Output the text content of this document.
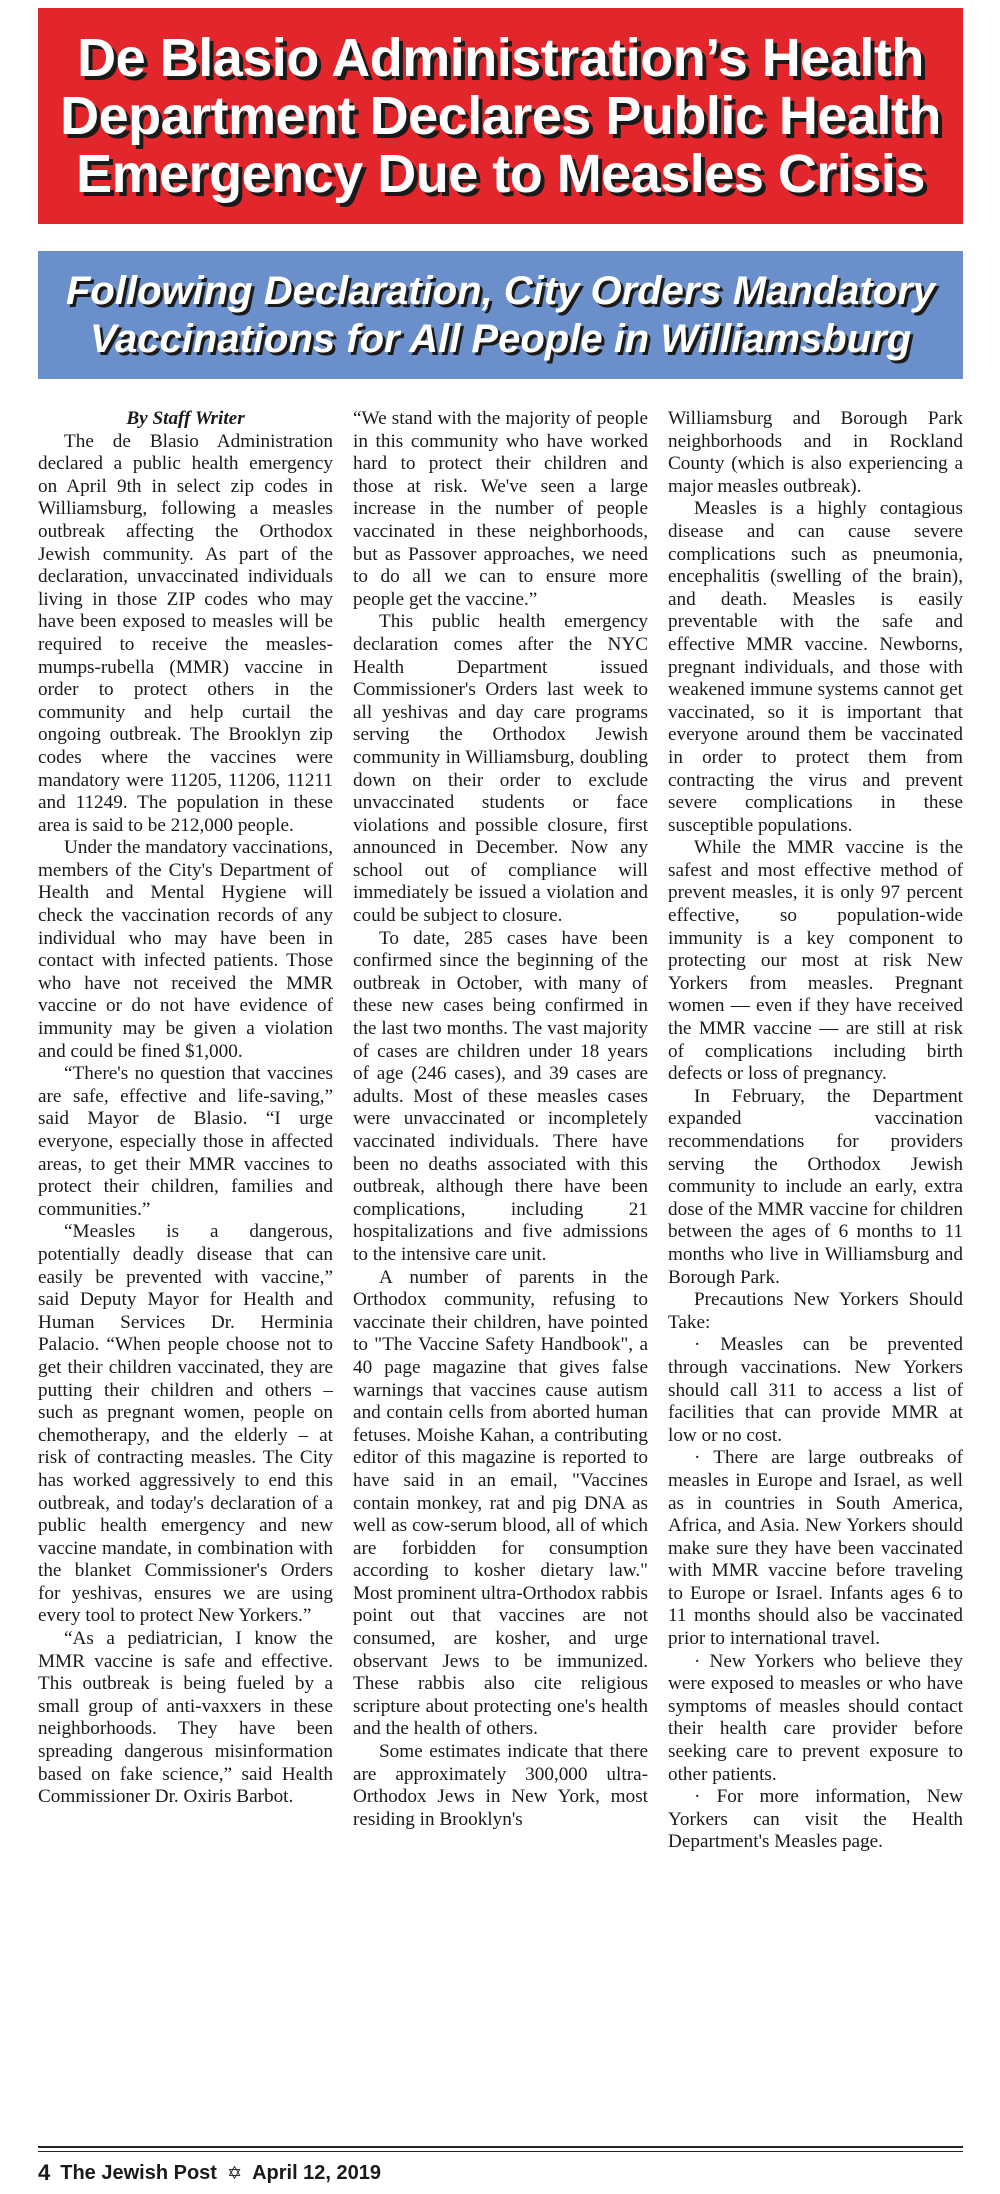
De Blasio Administration’s Health Department Declares Public Health Emergency Due to Measles Crisis
Following Declaration, City Orders Mandatory Vaccinations for All People in Williamsburg

By Staff Writer

The de Blasio Administration declared a public health emergency on April 9th in select zip codes in Williamsburg, following a measles outbreak affecting the Orthodox Jewish community. As part of the declaration, unvaccinated individuals living in those ZIP codes who may have been exposed to measles will be required to receive the measles-mumps-rubella (MMR) vaccine in order to protect others in the community and help curtail the ongoing outbreak. The Brooklyn zip codes where the vaccines were mandatory were 11205, 11206, 11211 and 11249. The population in these area is said to be 212,000 people.

Under the mandatory vaccinations, members of the City's Department of Health and Mental Hygiene will check the vaccination records of any individual who may have been in contact with infected patients. Those who have not received the MMR vaccine or do not have evidence of immunity may be given a violation and could be fined $1,000.

“There's no question that vaccines are safe, effective and life-saving,” said Mayor de Blasio. “I urge everyone, especially those in affected areas, to get their MMR vaccines to protect their children, families and communities.”

“Measles is a dangerous, potentially deadly disease that can easily be prevented with vaccine,” said Deputy Mayor for Health and Human Services Dr. Herminia Palacio. “When people choose not to get their children vaccinated, they are putting their children and others – such as pregnant women, people on chemotherapy, and the elderly – at risk of contracting measles. The City has worked aggressively to end this outbreak, and today's declaration of a public health emergency and new vaccine mandate, in combination with the blanket Commissioner's Orders for yeshivas, ensures we are using every tool to protect New Yorkers.”

“As a pediatrician, I know the MMR vaccine is safe and effective. This outbreak is being fueled by a small group of anti-vaxxers in these neighborhoods. They have been spreading dangerous misinformation based on fake science,” said Health Commissioner Dr. Oxiris Barbot.

“We stand with the majority of people in this community who have worked hard to protect their children and those at risk. We've seen a large increase in the number of people vaccinated in these neighborhoods, but as Passover approaches, we need to do all we can to ensure more people get the vaccine.”

This public health emergency declaration comes after the NYC Health Department issued Commissioner's Orders last week to all yeshivas and day care programs serving the Orthodox Jewish community in Williamsburg, doubling down on their order to exclude unvaccinated students or face violations and possible closure, first announced in December. Now any school out of compliance will immediately be issued a violation and could be subject to closure.

To date, 285 cases have been confirmed since the beginning of the outbreak in October, with many of these new cases being confirmed in the last two months. The vast majority of cases are children under 18 years of age (246 cases), and 39 cases are adults. Most of these measles cases were unvaccinated or incompletely vaccinated individuals. There have been no deaths associated with this outbreak, although there have been complications, including 21 hospitalizations and five admissions to the intensive care unit.

A number of parents in the Orthodox community, refusing to vaccinate their children, have pointed to "The Vaccine Safety Handbook", a 40 page magazine that gives false warnings that vaccines cause autism and contain cells from aborted human fetuses. Moishe Kahan, a contributing editor of this magazine is reported to have said in an email, "Vaccines contain monkey, rat and pig DNA as well as cow-serum blood, all of which are forbidden for consumption according to kosher dietary law." Most prominent ultra-Orthodox rabbis point out that vaccines are not consumed, are kosher, and urge observant Jews to be immunized. These rabbis also cite religious scripture about protecting one's health and the health of others.

Some estimates indicate that there are approximately 300,000 ultra-Orthodox Jews in New York, most residing in Brooklyn's

Williamsburg and Borough Park neighborhoods and in Rockland County (which is also experiencing a major measles outbreak).

Measles is a highly contagious disease and can cause severe complications such as pneumonia, encephalitis (swelling of the brain), and death. Measles is easily preventable with the safe and effective MMR vaccine. Newborns, pregnant individuals, and those with weakened immune systems cannot get vaccinated, so it is important that everyone around them be vaccinated in order to protect them from contracting the virus and prevent severe complications in these susceptible populations.

While the MMR vaccine is the safest and most effective method of prevent measles, it is only 97 percent effective, so population-wide immunity is a key component to protecting our most at risk New Yorkers from measles. Pregnant women — even if they have received the MMR vaccine — are still at risk of complications including birth defects or loss of pregnancy.

In February, the Department expanded vaccination recommendations for providers serving the Orthodox Jewish community to include an early, extra dose of the MMR vaccine for children between the ages of 6 months to 11 months who live in Williamsburg and Borough Park.

Precautions New Yorkers Should Take:

· Measles can be prevented through vaccinations. New Yorkers should call 311 to access a list of facilities that can provide MMR at low or no cost.

· There are large outbreaks of measles in Europe and Israel, as well as in countries in South America, Africa, and Asia. New Yorkers should make sure they have been vaccinated with MMR vaccine before traveling to Europe or Israel. Infants ages 6 to 11 months should also be vaccinated prior to international travel.

· New Yorkers who believe they were exposed to measles or who have symptoms of measles should contact their health care provider before seeking care to prevent exposure to other patients.

· For more information, New Yorkers can visit the Health Department's Measles page.

4 The Jewish Post ✡ April 12, 2019
